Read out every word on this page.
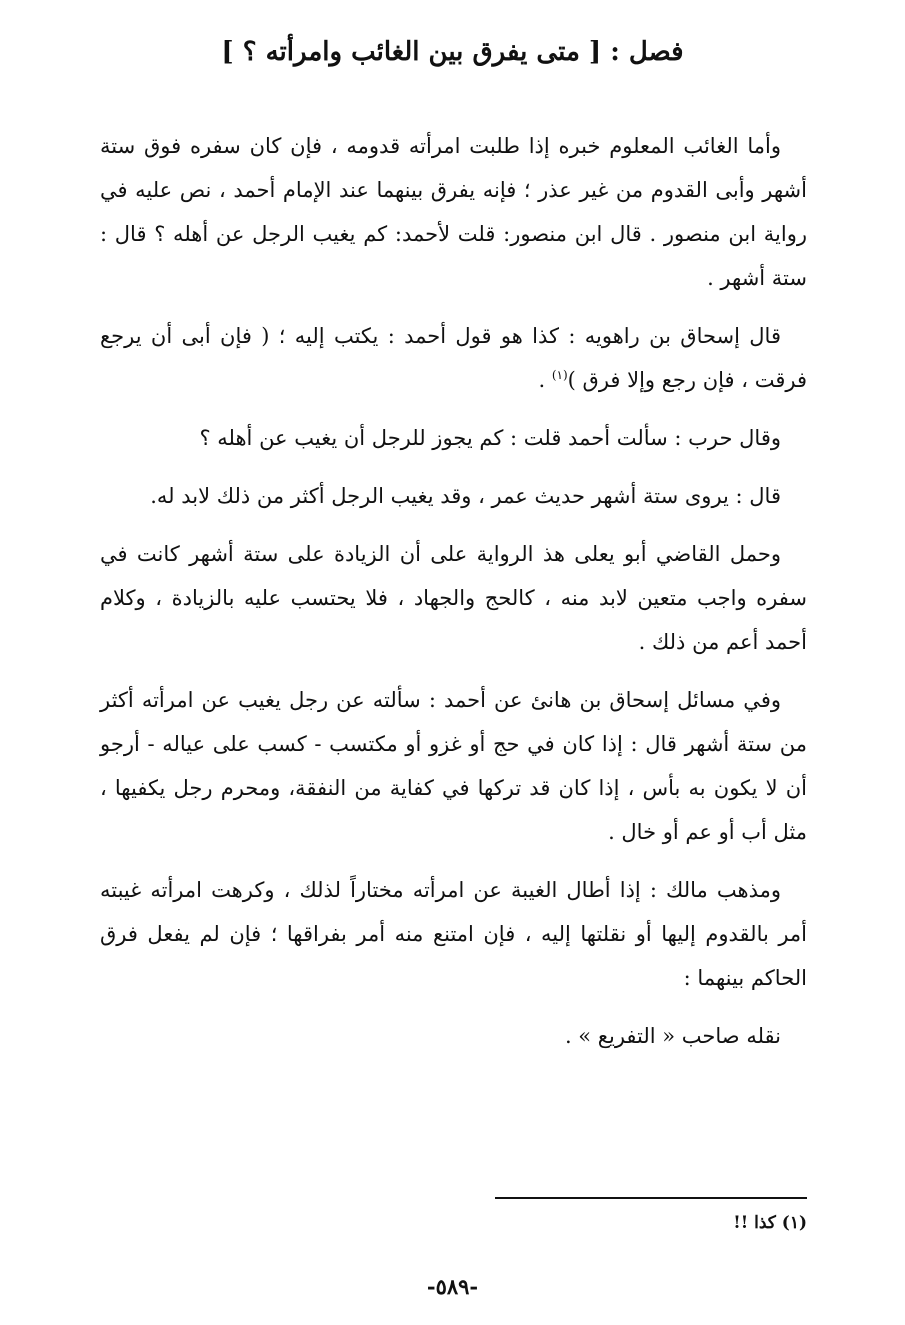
فصل : [ متى يفرق بين الغائب وامرأته ؟ ]

وأما الغائب المعلوم خبره إذا طلبت امرأته قدومه ، فإن كان سفره فوق ستة أشهر وأبى القدوم من غير عذر ؛ فإنه يفرق بينهما عند الإمام أحمد ، نص عليه في رواية ابن منصور . قال ابن منصور: قلت لأحمد: كم يغيب الرجل عن أهله ؟ قال : ستة أشهر .

قال إسحاق بن راهويه : كذا هو قول أحمد : يكتب إليه ؛ ( فإن أبى أن يرجع فرقت ، فإن رجع وإلا فرق )$^{(١)}$ .

وقال حرب : سألت أحمد قلت : كم يجوز للرجل أن يغيب عن أهله ؟

قال : يروى ستة أشهر حديث عمر ، وقد يغيب الرجل أكثر من ذلك لابد له.

وحمل القاضي أبو يعلى هذ الرواية على أن الزيادة على ستة أشهر كانت في سفره واجب متعين لابد منه ، كالحج والجهاد ، فلا يحتسب عليه بالزيادة ، وكلام أحمد أعم من ذلك .

وفي مسائل إسحاق بن هانئ عن أحمد : سألته عن رجل يغيب عن امرأته أكثر من ستة أشهر قال : إذا كان في حج أو غزو أو مكتسب - كسب على عياله - أرجو أن لا يكون به بأس ، إذا كان قد تركها في كفاية من النفقة، ومحرم رجل يكفيها ، مثل أب أو عم أو خال .

ومذهب مالك : إذا أطال الغيبة عن امرأته مختاراً لذلك ، وكرهت امرأته غيبته أمر بالقدوم إليها أو نقلتها إليه ، فإن امتنع منه أمر بفراقها ؛ فإن لم يفعل فرق الحاكم بينهما :

نقله صاحب « التفريع » .

(١) كذا !!
-٥٨٩-
